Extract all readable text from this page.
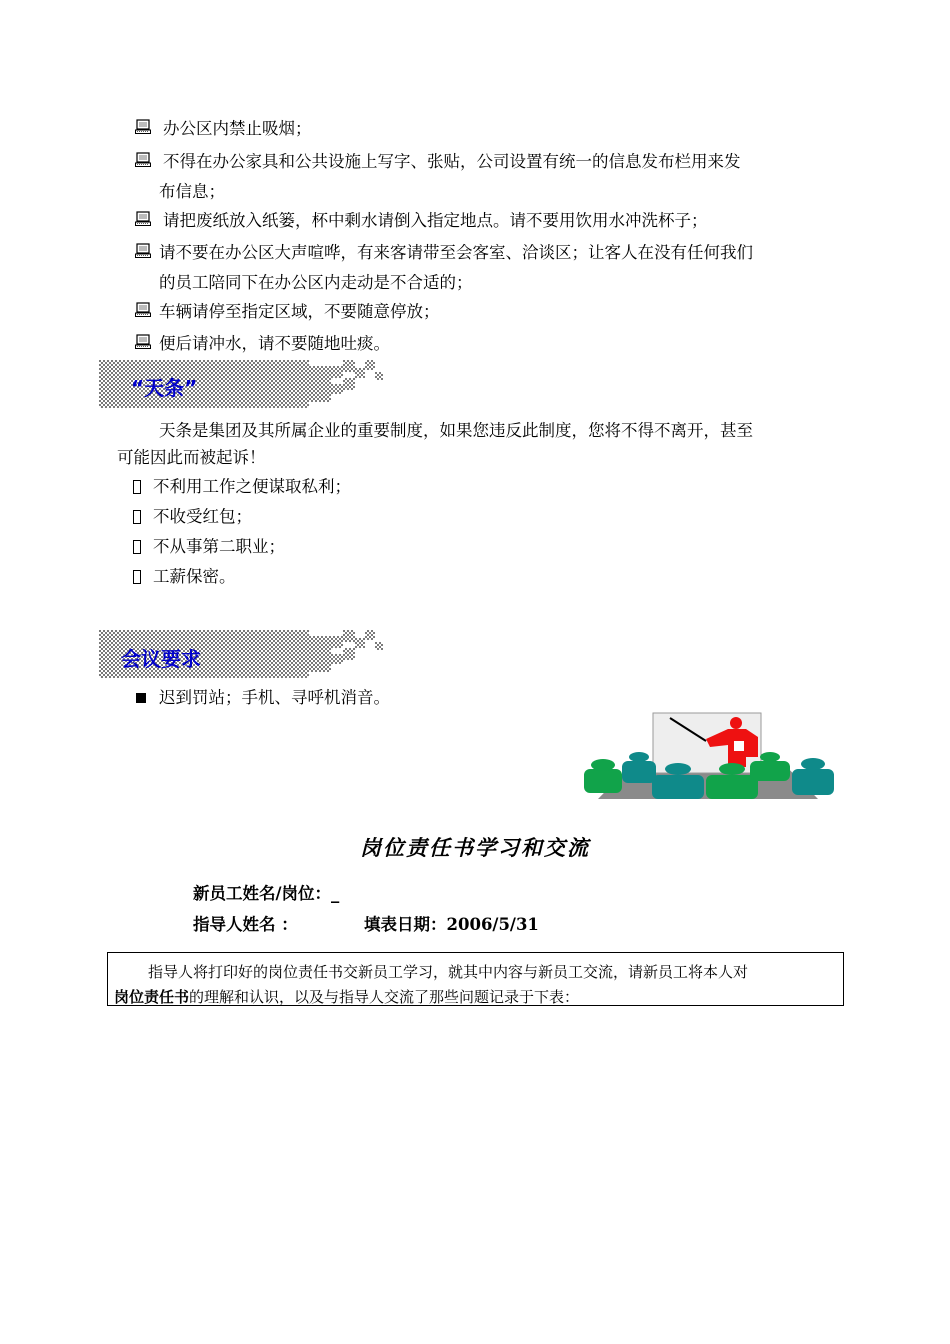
办公区内禁止吸烟；
不得在办公家具和公共设施上写字、张贴，公司设置有统一的信息发布栏用来发
布信息；
请把废纸放入纸篓，杯中剩水请倒入指定地点。请不要用饮用水冲洗杯子；
请不要在办公区大声喧哗，有来客请带至会客室、洽谈区；让客人在没有任何我们
的员工陪同下在办公区内走动是不合适的；
车辆请停至指定区域，不要随意停放；
便后请冲水，请不要随地吐痰。
“天条”
天条是集团及其所属企业的重要制度，如果您违反此制度，您将不得不离开，甚至
可能因此而被起诉！
不利用工作之便谋取私利；
不收受红包；
不从事第二职业；
工薪保密。
会议要求
迟到罚站；手机、寻呼机消音。
岗位责任书学习和交流
新员工姓名/岗位：_
指导人姓名 ：	填表日期：2006/5/31
指导人将打印好的岗位责任书交新员工学习，就其中内容与新员工交流，请新员工将本人对
岗位责任书的理解和认识，以及与指导人交流了那些问题记录于下表：
